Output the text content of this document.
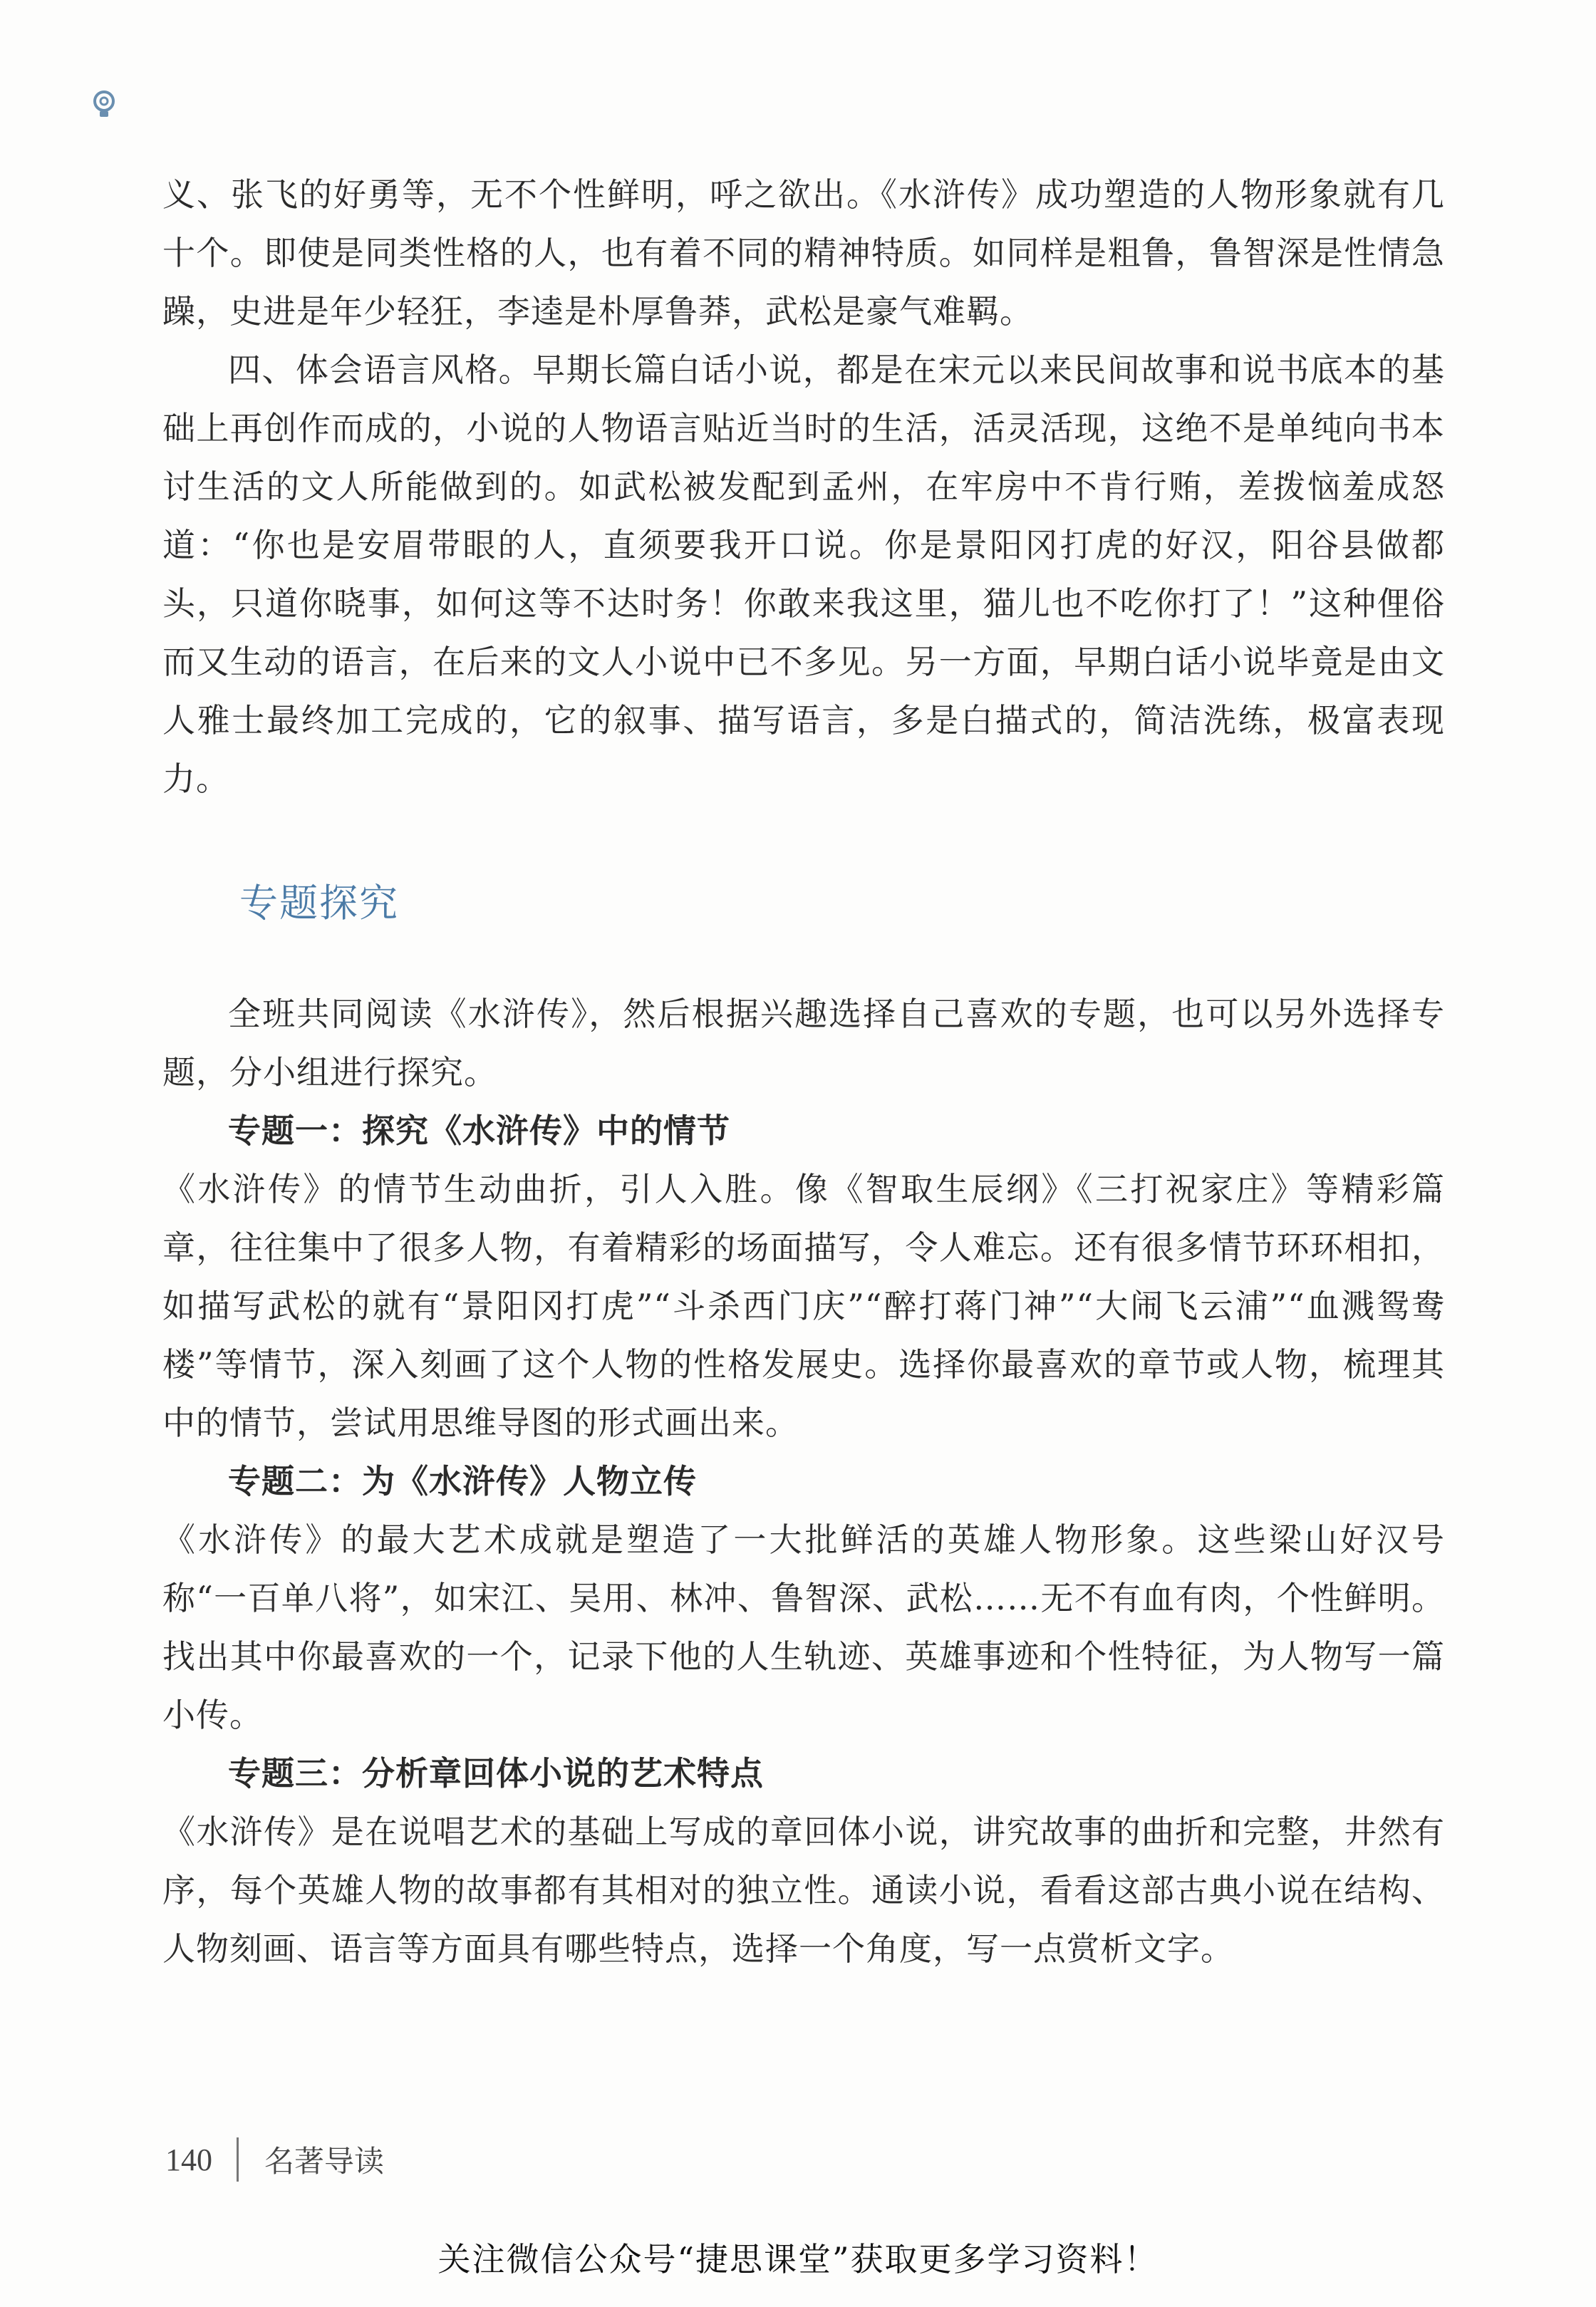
义、张飞的好勇等，无不个性鲜明，呼之欲出。《水浒传》成功塑造的人物形象就有几十个。即使是同类性格的人，也有着不同的精神特质。如同样是粗鲁，鲁智深是性情急躁，史进是年少轻狂，李逵是朴厚鲁莽，武松是豪气难羁。

四、体会语言风格。早期长篇白话小说，都是在宋元以来民间故事和说书底本的基础上再创作而成的，小说的人物语言贴近当时的生活，活灵活现，这绝不是单纯向书本讨生活的文人所能做到的。如武松被发配到孟州，在牢房中不肯行贿，差拨恼羞成怒道：“你也是安眉带眼的人，直须要我开口说。你是景阳冈打虎的好汉，阳谷县做都头，只道你晓事，如何这等不达时务！你敢来我这里，猫儿也不吃你打了！”这种俚俗而又生动的语言，在后来的文人小说中已不多见。另一方面，早期白话小说毕竟是由文人雅士最终加工完成的，它的叙事、描写语言，多是白描式的，简洁洗练，极富表现力。

专题探究

全班共同阅读《水浒传》，然后根据兴趣选择自己喜欢的专题，也可以另外选择专题，分小组进行探究。

专题一：探究《水浒传》中的情节

《水浒传》的情节生动曲折，引人入胜。像《智取生辰纲》《三打祝家庄》等精彩篇章，往往集中了很多人物，有着精彩的场面描写，令人难忘。还有很多情节环环相扣，如描写武松的就有“景阳冈打虎”“斗杀西门庆”“醉打蒋门神”“大闹飞云浦”“血溅鸳鸯楼”等情节，深入刻画了这个人物的性格发展史。选择你最喜欢的章节或人物，梳理其中的情节，尝试用思维导图的形式画出来。

专题二：为《水浒传》人物立传

《水浒传》的最大艺术成就是塑造了一大批鲜活的英雄人物形象。这些梁山好汉号称“一百单八将”，如宋江、吴用、林冲、鲁智深、武松……无不有血有肉，个性鲜明。找出其中你最喜欢的一个，记录下他的人生轨迹、英雄事迹和个性特征，为人物写一篇小传。

专题三：分析章回体小说的艺术特点

《水浒传》是在说唱艺术的基础上写成的章回体小说，讲究故事的曲折和完整，井然有序，每个英雄人物的故事都有其相对的独立性。通读小说，看看这部古典小说在结构、人物刻画、语言等方面具有哪些特点，选择一个角度，写一点赏析文字。

140 名著导读
关注微信公众号“捷思课堂”获取更多学习资料！
